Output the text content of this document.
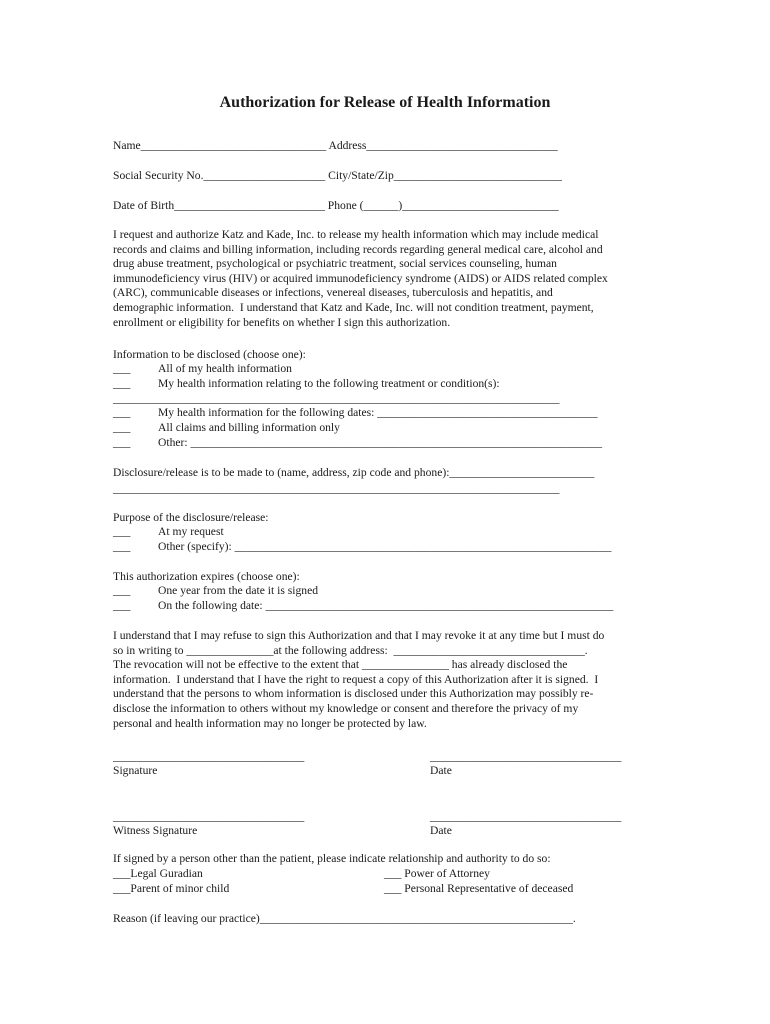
Authorization for Release of Health Information
Name________________________________ Address_________________________________
Social Security No._____________________ City/State/Zip_____________________________
Date of Birth__________________________ Phone (______)___________________________
I request and authorize Katz and Kade, Inc. to release my health information which may include medical
records and claims and billing information, including records regarding general medical care, alcohol and
drug abuse treatment, psychological or psychiatric treatment, social services counseling, human
immunodeficiency virus (HIV) or acquired immunodeficiency syndrome (AIDS) or AIDS related complex
(ARC), communicable diseases or infections, venereal diseases, tuberculosis and hepatitis, and
demographic information.  I understand that Katz and Kade, Inc. will not condition treatment, payment,
enrollment or eligibility for benefits on whether I sign this authorization.
Information to be disclosed (choose one):
___ All of my health information
___ My health information relating to the following treatment or condition(s):
_____________________________________________________________________________
___ My health information for the following dates: ______________________________________
___ All claims and billing information only
___ Other: _______________________________________________________________________
Disclosure/release is to be made to (name, address, zip code and phone):_________________________
_____________________________________________________________________________
Purpose of the disclosure/release:
___ At my request
___ Other (specify): _________________________________________________________________
This authorization expires (choose one):
___ One year from the date it is signed
___ On the following date: ____________________________________________________________
I understand that I may refuse to sign this Authorization and that I may revoke it at any time but I must do
so in writing to _______________at the following address:  _________________________________.
The revocation will not be effective to the extent that _______________ has already disclosed the
information.  I understand that I have the right to request a copy of this Authorization after it is signed.  I
understand that the persons to whom information is disclosed under this Authorization may possibly re-
disclose the information to others without my knowledge or consent and therefore the privacy of my
personal and health information may no longer be protected by law.
_________________________________	_________________________________
Signature	Date
_________________________________	_________________________________
Witness Signature	Date
If signed by a person other than the patient, please indicate relationship and authority to do so:
___Legal Guradian	___ Power of Attorney
___Parent of minor child	___ Personal Representative of deceased
Reason (if leaving our practice)______________________________________________________.
